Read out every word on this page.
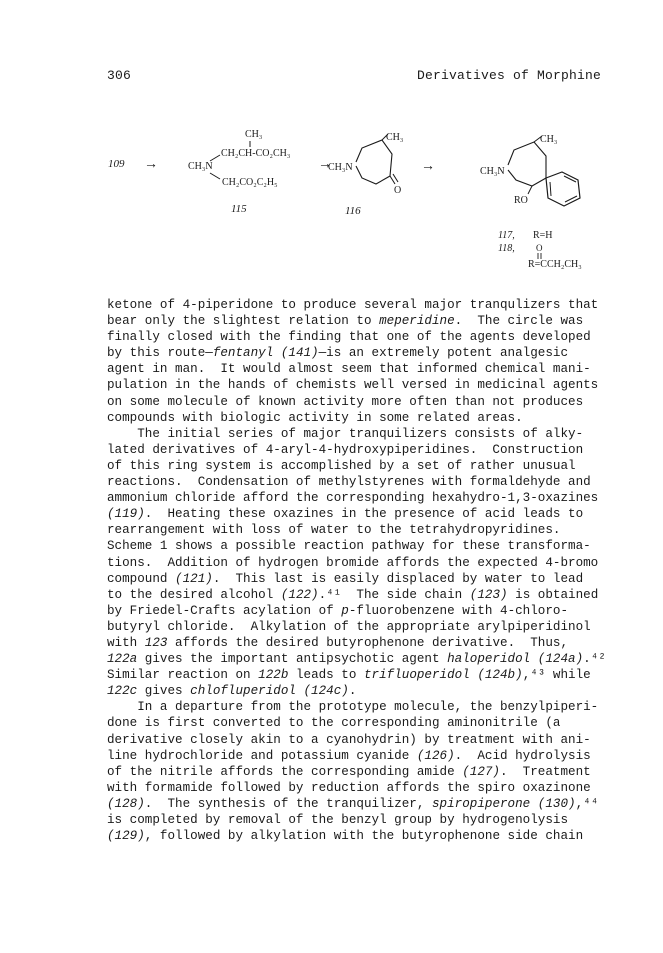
306	Derivatives of Morphine
109 →
CH₃
CH₂CH-CO₂CH₃
CH₃N
CH₂CO₂C₂H₅
115
→
CH₃N
CH₃
O
116
→	CH₃N
CH₃
RO
117, R=H
118, O
R=CCH₂CH₃
ketone of 4-piperidone to produce several major tranqulizers that
bear only the slightest relation to meperidine.  The circle was
finally closed with the finding that one of the agents developed
by this route—fentanyl (141)—is an extremely potent analgesic
agent in man.  It would almost seem that informed chemical mani-
pulation in the hands of chemists well versed in medicinal agents
on some molecule of known activity more often than not produces
compounds with biologic activity in some related areas.
The initial series of major tranquilizers consists of alky-
lated derivatives of 4-aryl-4-hydroxypiperidines.  Construction
of this ring system is accomplished by a set of rather unusual
reactions.  Condensation of methylstyrenes with formaldehyde and
ammonium chloride afford the corresponding hexahydro-1,3-oxazines
(119).  Heating these oxazines in the presence of acid leads to
rearrangement with loss of water to the tetrahydropyridines.
Scheme 1 shows a possible reaction pathway for these transforma-
tions.  Addition of hydrogen bromide affords the expected 4-bromo
compound (121).  This last is easily displaced by water to lead
to the desired alcohol (122).⁴¹  The side chain (123) is obtained
by Friedel-Crafts acylation of p-fluorobenzene with 4-chloro-
butyryl chloride.  Alkylation of the appropriate arylpiperidinol
with 123 affords the desired butyrophenone derivative.  Thus,
122a gives the important antipsychotic agent haloperidol (124a).⁴²
Similar reaction on 122b leads to trifluoperidol (124b),⁴³ while
122c gives chlofluperidol (124c).
In a departure from the prototype molecule, the benzylpiperi-
done is first converted to the corresponding aminonitrile (a
derivative closely akin to a cyanohydrin) by treatment with ani-
line hydrochloride and potassium cyanide (126).  Acid hydrolysis
of the nitrile affords the corresponding amide (127).  Treatment
with formamide followed by reduction affords the spiro oxazinone
(128).  The synthesis of the tranquilizer, spiropiperone (130),⁴⁴
is completed by removal of the benzyl group by hydrogenolysis
(129), followed by alkylation with the butyrophenone side chain
